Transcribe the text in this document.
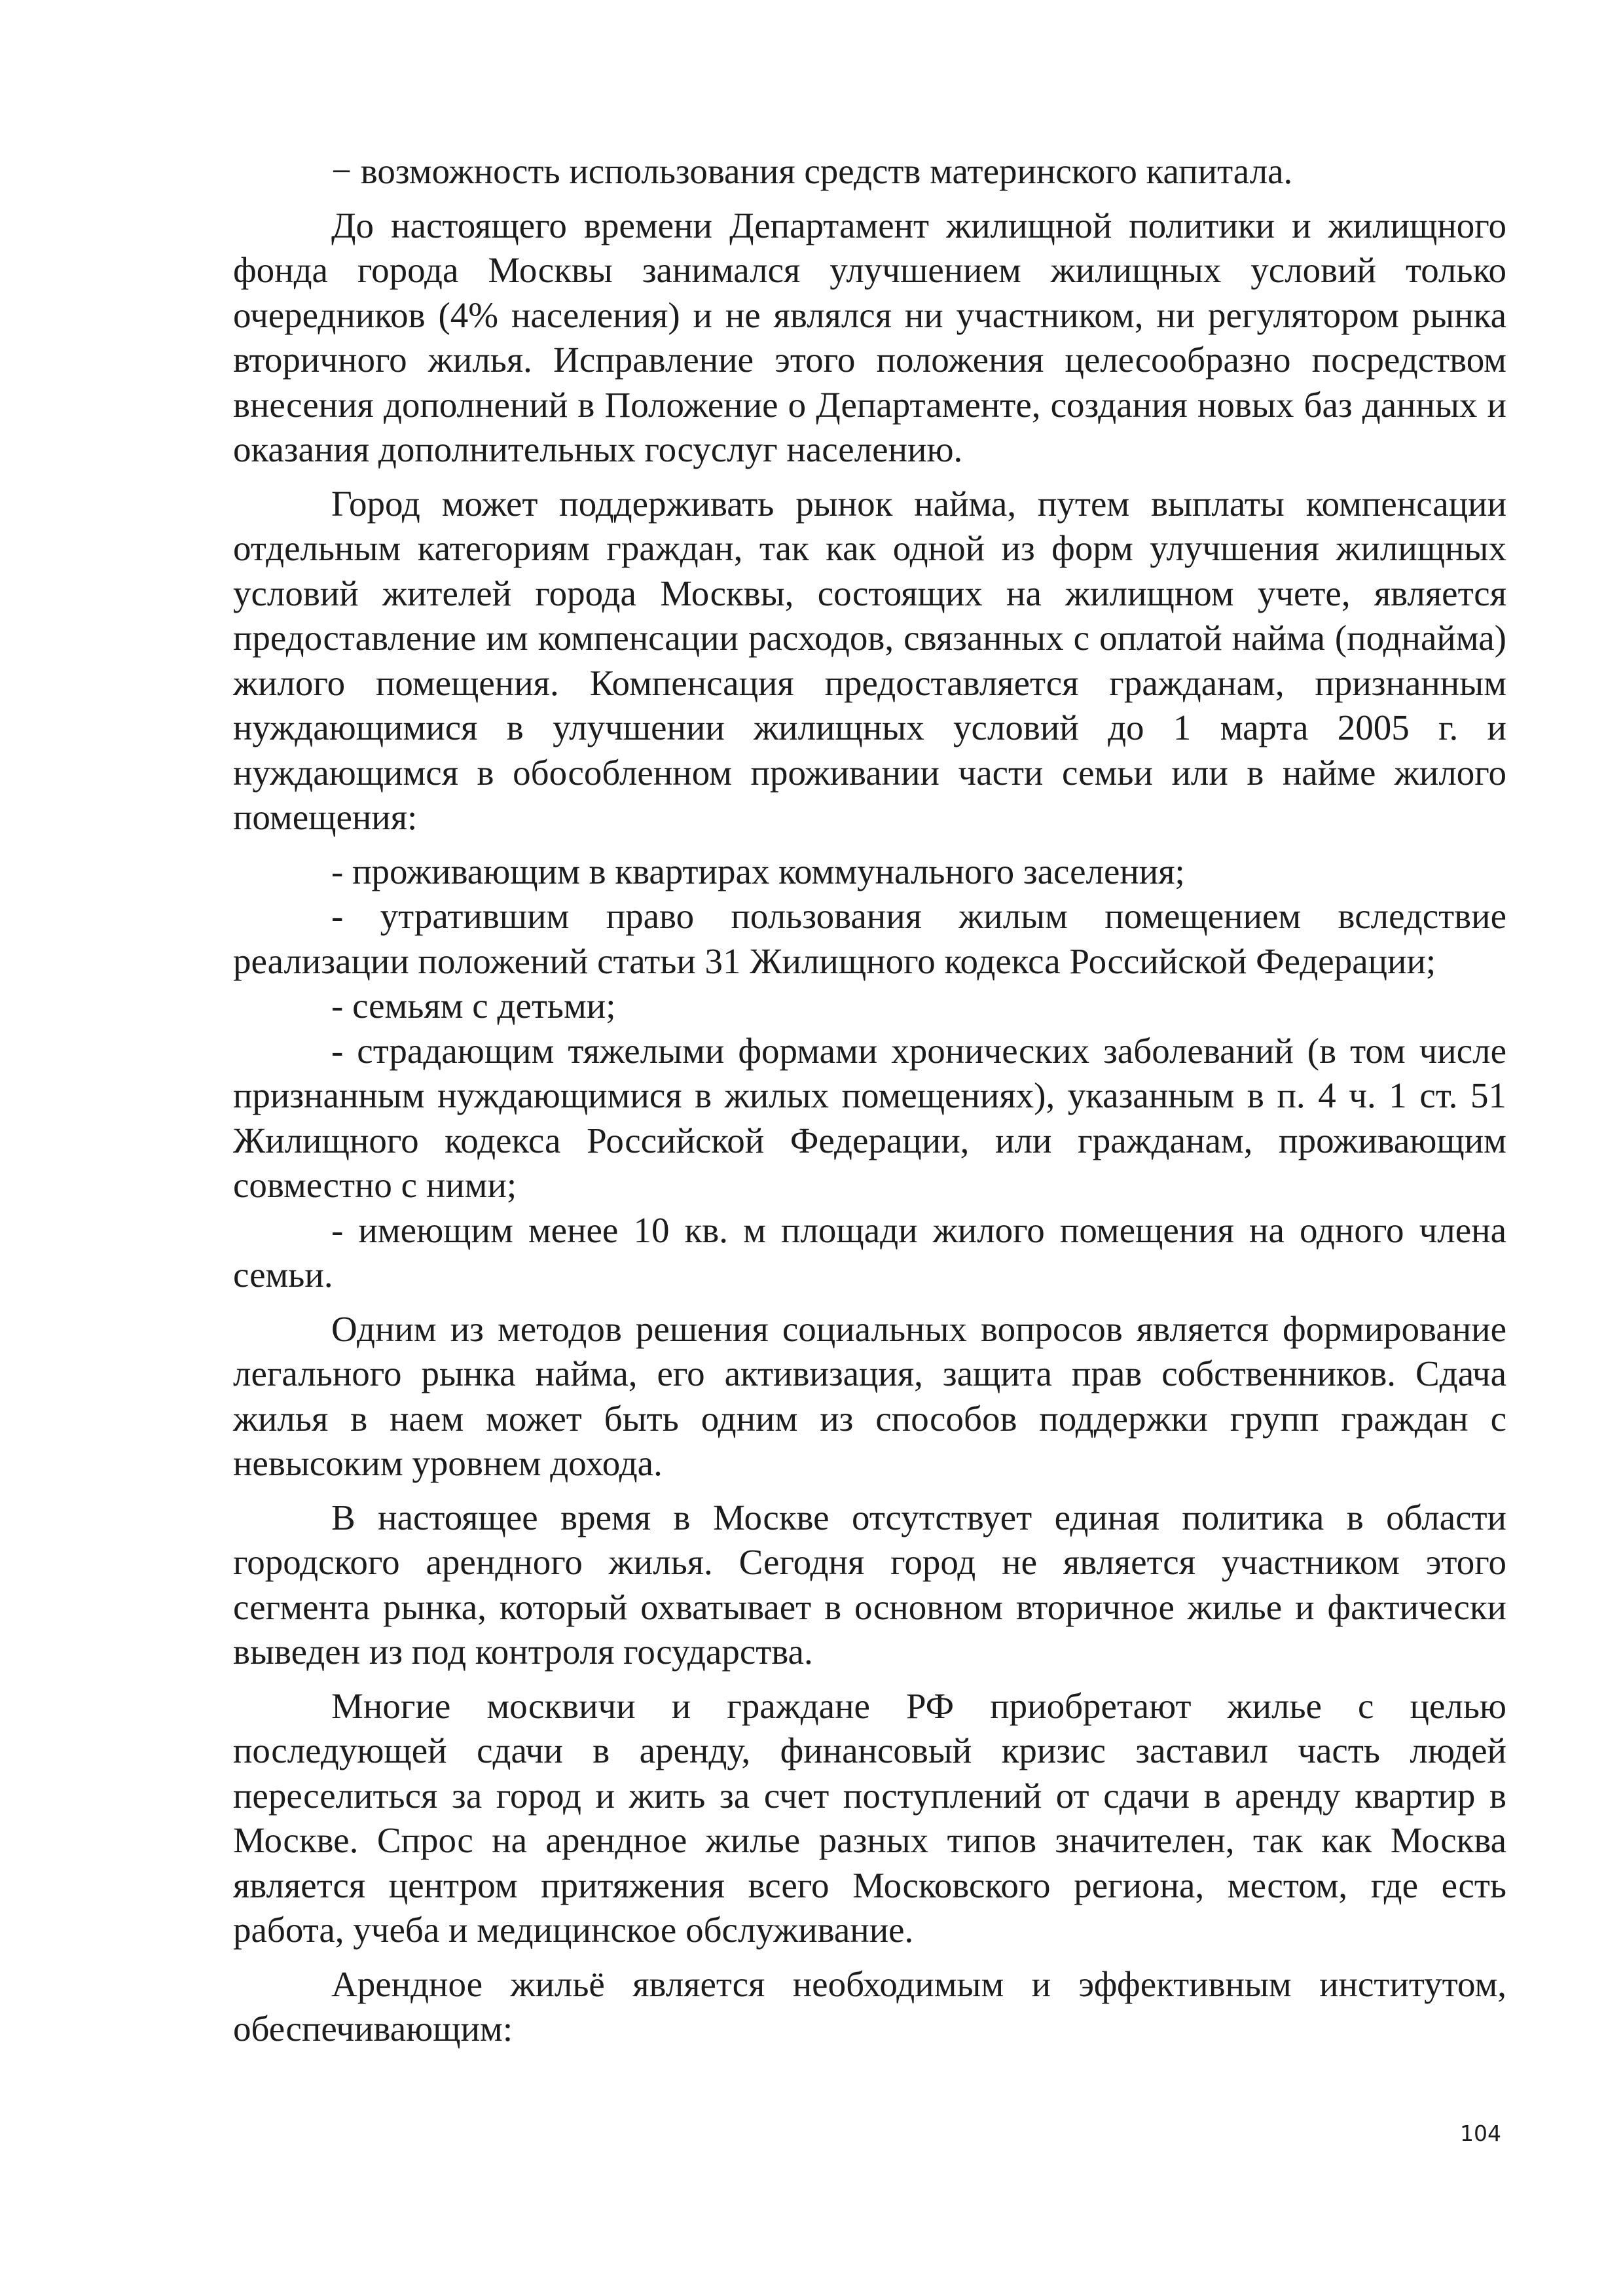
− возможность использования средств материнского капитала.

До настоящего времени Департамент жилищной политики и жилищного фонда города Москвы занимался улучшением жилищных условий только очередников (4% населения) и не являлся ни участником, ни регулятором рынка вторичного жилья. Исправление этого положения целесообразно посредством внесения дополнений в Положение о Департаменте, создания новых баз данных и оказания дополнительных госуслуг населению.

Город может поддерживать рынок найма, путем выплаты компенсации отдельным категориям граждан, так как одной из форм улучшения жилищных условий жителей города Москвы, состоящих на жилищном учете, является предоставление им компенсации расходов, связанных с оплатой найма (поднайма) жилого помещения. Компенсация предоставляется гражданам, признанным нуждающимися в улучшении жилищных условий до 1 марта 2005 г. и нуждающимся в обособленном проживании части семьи или в найме жилого помещения:

- проживающим в квартирах коммунального заселения;

- утратившим право пользования жилым помещением вследствие реализации положений статьи 31 Жилищного кодекса Российской Федерации;

- семьям с детьми;

- страдающим тяжелыми формами хронических заболеваний (в том числе признанным нуждающимися в жилых помещениях), указанным в п. 4 ч. 1 ст. 51 Жилищного кодекса Российской Федерации, или гражданам, проживающим совместно с ними;

- имеющим менее 10 кв. м площади жилого помещения на одного члена семьи.

Одним из методов решения социальных вопросов является формирование легального рынка найма, его активизация, защита прав собственников. Сдача жилья в наем может быть одним из способов поддержки групп граждан с невысоким уровнем дохода.

В настоящее время в Москве отсутствует единая политика в области городского арендного жилья. Сегодня город не является участником этого сегмента рынка, который охватывает в основном вторичное жилье и фактически выведен из под контроля государства.

Многие москвичи и граждане РФ приобретают жилье с целью последующей сдачи в аренду, финансовый кризис заставил часть людей переселиться за город и жить за счет поступлений от сдачи в аренду квартир в Москве. Спрос на арендное жилье разных типов значителен, так как Москва является центром притяжения всего Московского региона, местом, где есть работа, учеба и медицинское обслуживание.

Арендное жильё является необходимым и эффективным институтом, обеспечивающим:

104
